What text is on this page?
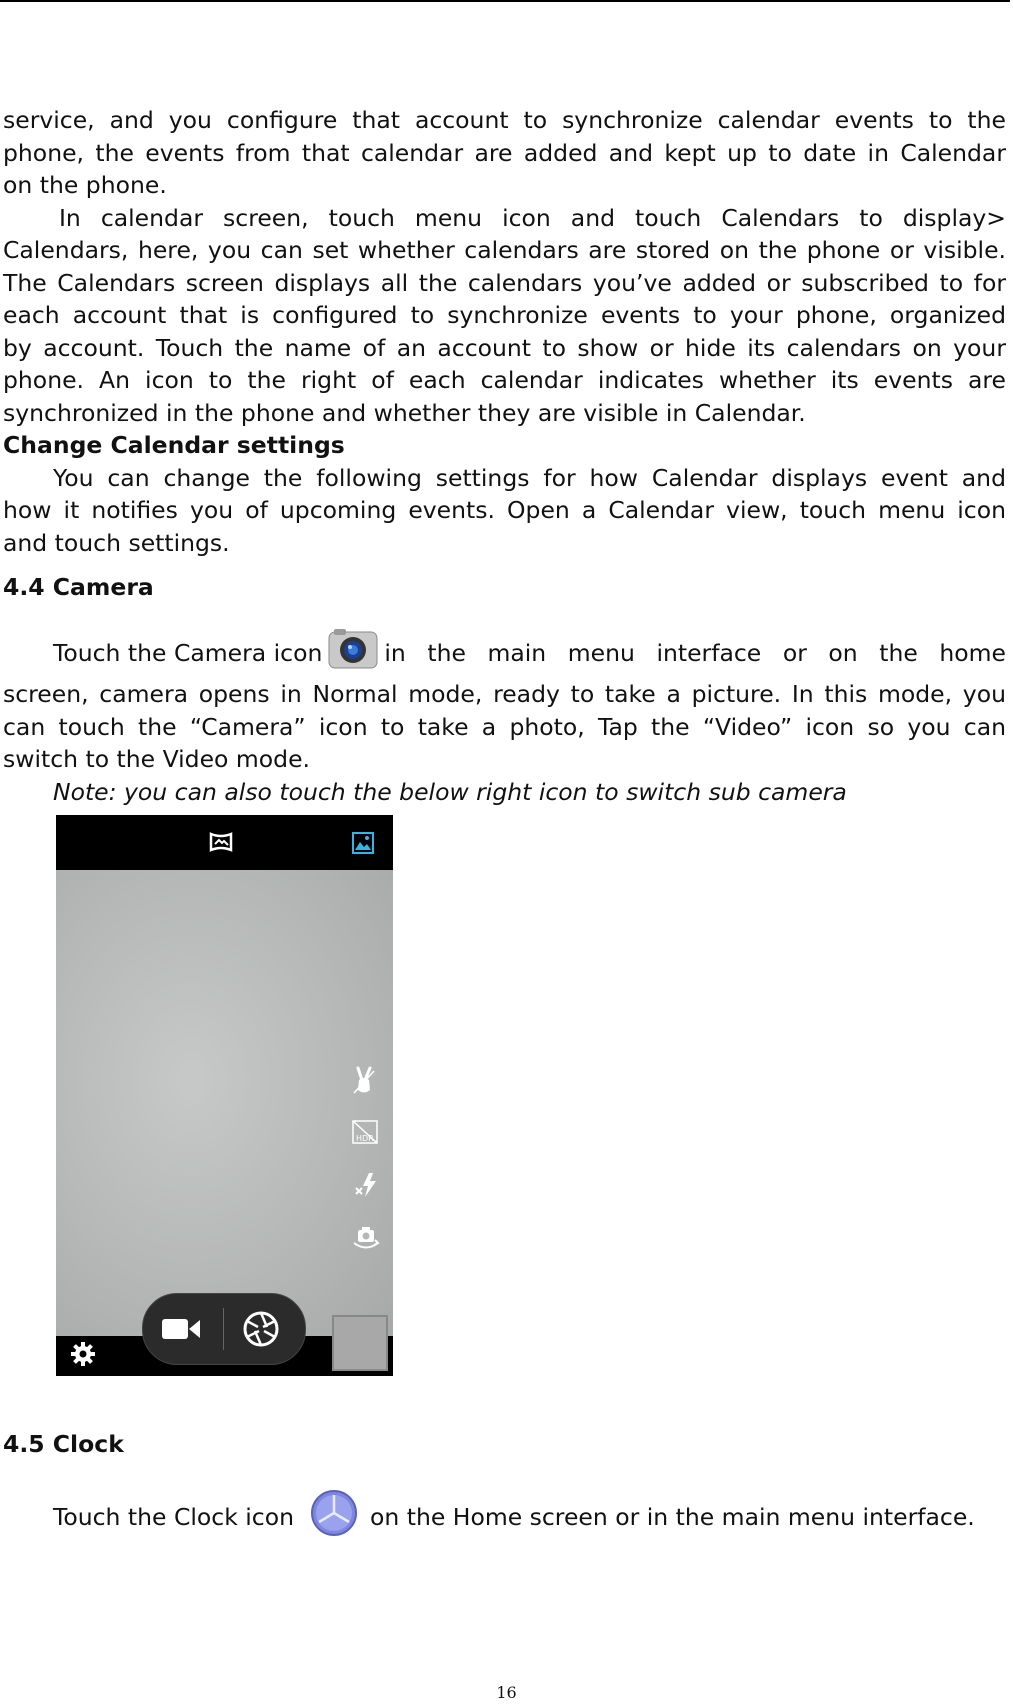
service, and you configure that account to synchronize calendar events to the

phone, the events from that calendar are added and kept up to date in Calendar

on the phone.

In calendar screen, touch menu icon and touch Calendars to display>

Calendars, here, you can set whether calendars are stored on the phone or visible.

The Calendars screen displays all the calendars you’ve added or subscribed to for

each account that is configured to synchronize events to your phone, organized

by account. Touch the name of an account to show or hide its calendars on your

phone. An icon to the right of each calendar indicates whether its events are

synchronized in the phone and whether they are visible in Calendar.

Change Calendar settings

You can change the following settings for how Calendar displays event and

how it notifies you of upcoming events. Open a Calendar view, touch menu icon

and touch settings.

4.4 Camera

Touch the Camera icon	in the main menu interface or on the home

screen, camera opens in Normal mode, ready to take a picture. In this mode, you

can touch the “Camera” icon to take a photo, Tap the “Video” icon so you can

switch to the Video mode.

Note: you can also touch the below right icon to switch sub camera

HDR

4.5 Clock

Touch the Clock icon	on the Home screen or in the main menu interface.

16
